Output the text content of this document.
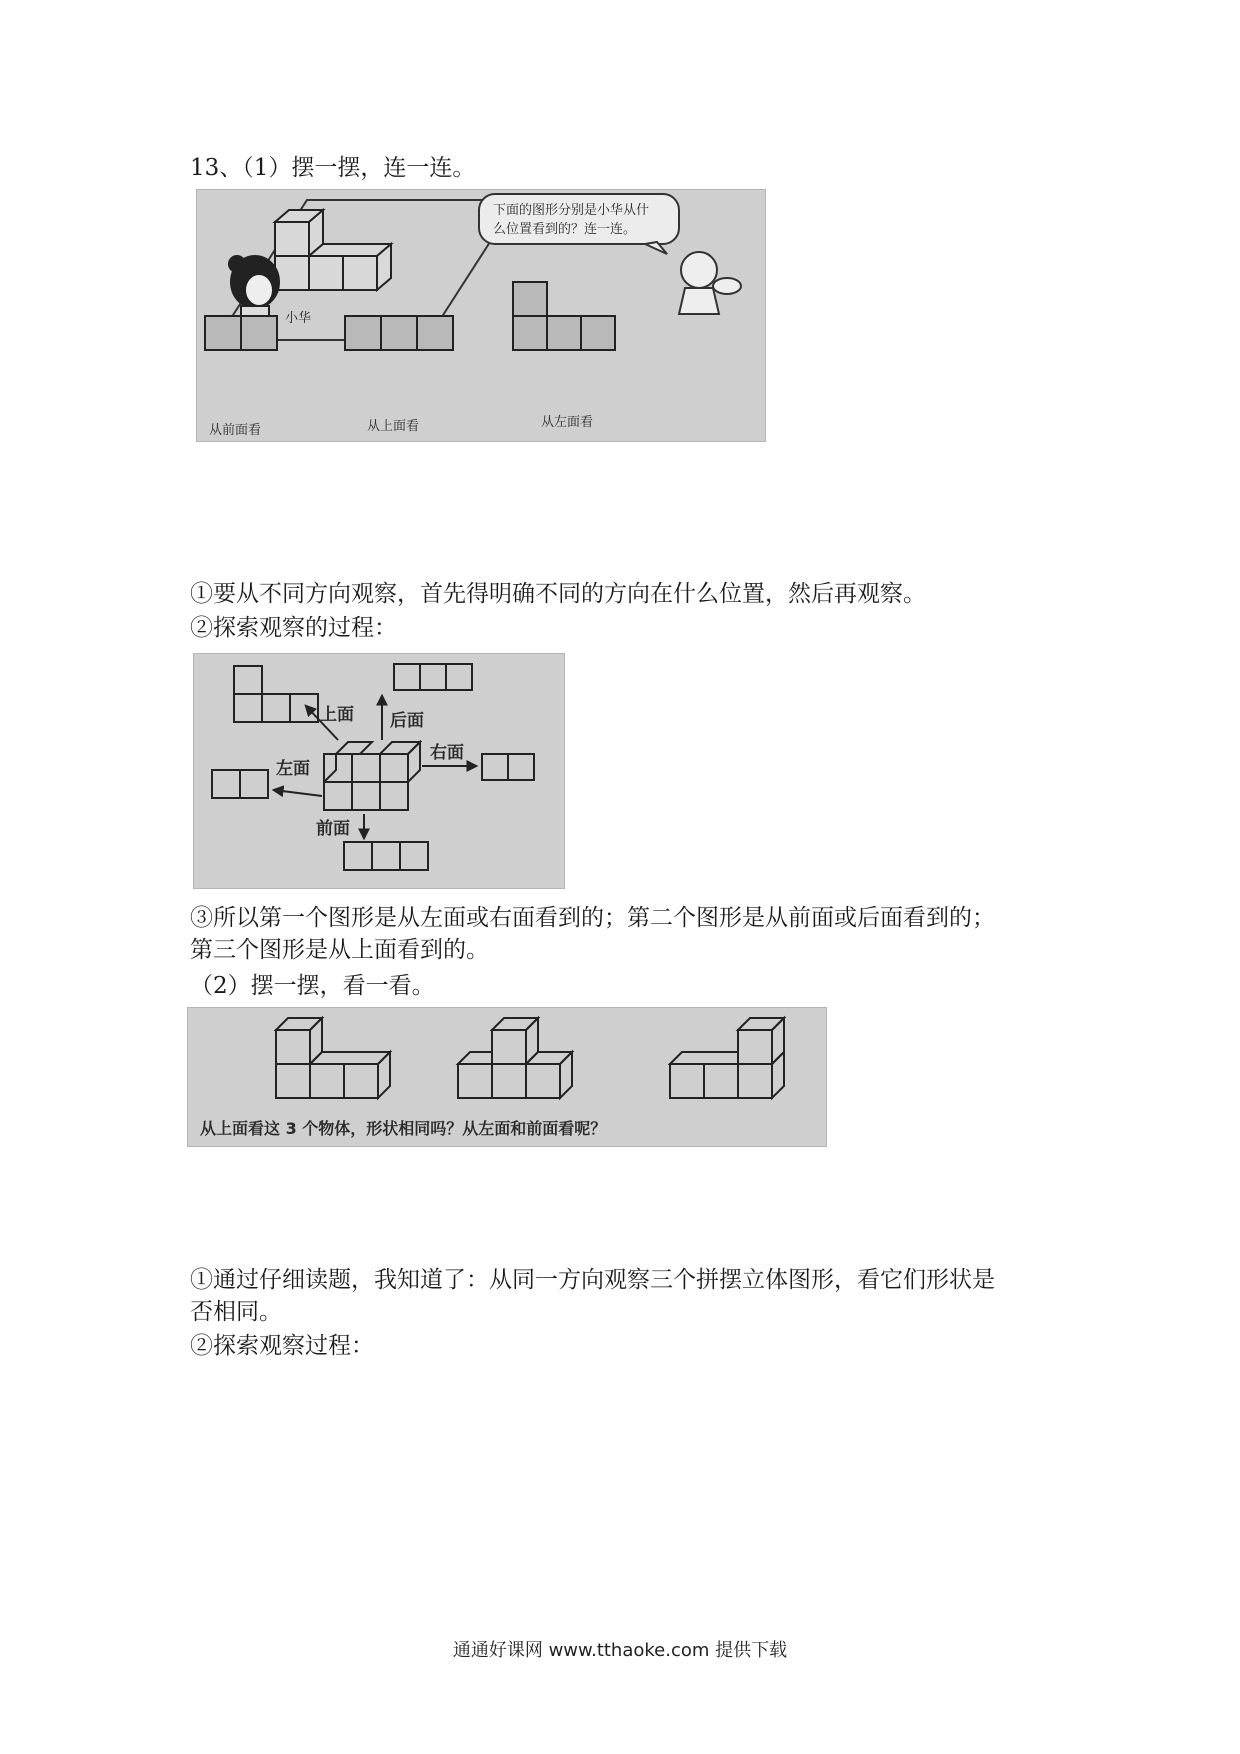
13、（1）摆一摆，连一连。
小华
下面的图形分别是小华从什
么位置看到的？连一连。
从前面看	从上面看	从左面看
①要从不同方向观察，首先得明确不同的方向在什么位置，然后再观察。
②探索观察的过程：
上面 后面
左面
右面
前面
③所以第一个图形是从左面或右面看到的；第二个图形是从前面或后面看到的；
第三个图形是从上面看到的。
（2）摆一摆，看一看。
从上面看这 3 个物体，形状相同吗？从左面和前面看呢？
①通过仔细读题，我知道了：从同一方向观察三个拼摆立体图形，看它们形状是
否相同。
②探索观察过程：
通通好课网 www.tthaoke.com 提供下载
